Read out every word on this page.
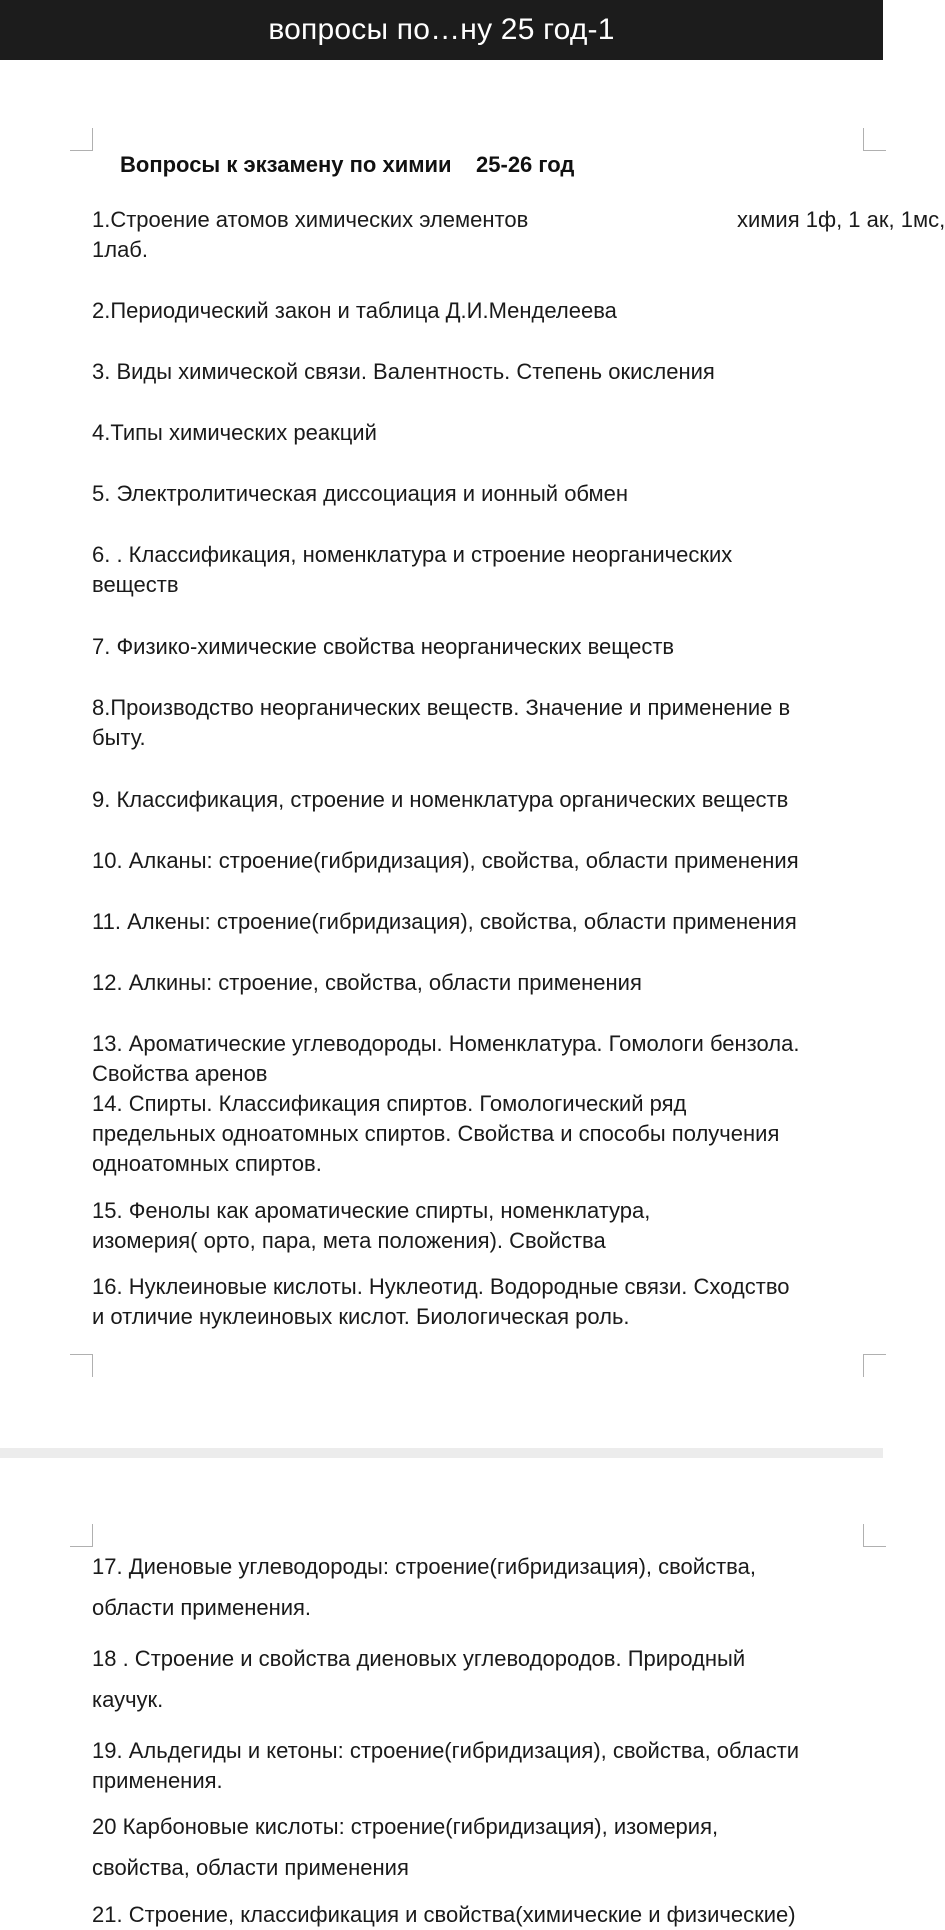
вопросы по…ну 25 год-1
Вопросы к экзамену по химии    25-26 год
1.Строение атомов химических элементов
1лаб.
химия 1ф, 1 ак, 1мс,
2.Периодический закон и таблица Д.И.Менделеева
3. Виды химической связи. Валентность. Степень окисления
4.Типы химических реакций
5. Электролитическая диссоциация и ионный обмен
6. . Классификация, номенклатура и строение неорганических
веществ
7. Физико-химические свойства неорганических веществ
8.Производство неорганических веществ. Значение и применение в
быту.
9. Классификация, строение и номенклатура органических веществ
10. Алканы: строение(гибридизация), свойства, области применения
11. Алкены: строение(гибридизация), свойства, области применения
12. Алкины: строение, свойства, области применения
13. Ароматические углеводороды. Номенклатура. Гомологи бензола.
Свойства аренов
14. Спирты. Классификация спиртов. Гомологический ряд
предельных одноатомных спиртов. Свойства и способы получения
одноатомных спиртов.
15. Фенолы как ароматические спирты, номенклатура,
изомерия( орто, пара, мета положения). Свойства
16. Нуклеиновые кислоты. Нуклеотид. Водородные связи. Сходство
и отличие нуклеиновых кислот. Биологическая роль.
17. Диеновые углеводороды: строение(гибридизация), свойства,
области применения.
18 . Строение и свойства диеновых углеводородов. Природный
каучук.
19. Альдегиды и кетоны: строение(гибридизация), свойства, области
применения.
20 Карбоновые кислоты: строение(гибридизация), изомерия,
свойства, области применения
21. Строение, классификация и свойства(химические и физические)
